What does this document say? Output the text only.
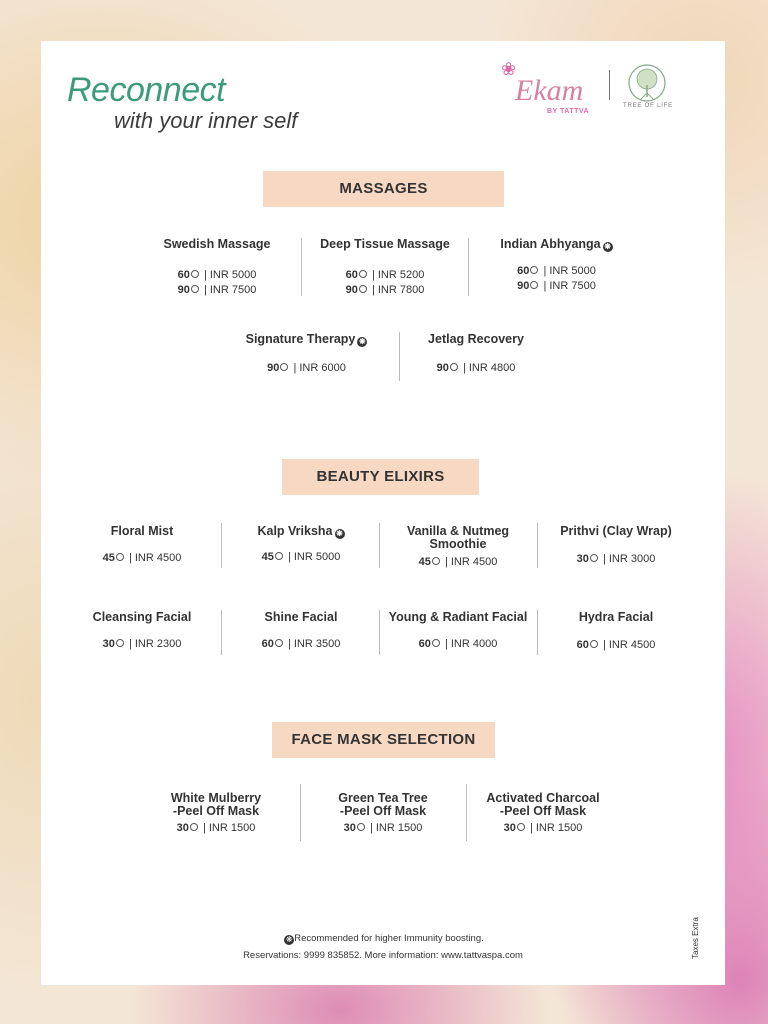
Reconnect
with your inner self
❀
Ekam
BY TATTVA
TREE OF LIFE
MASSAGES
Swedish Massage
60 | INR 5000
90 | INR 7500
Deep Tissue Massage
60 | INR 5200
90 | INR 7800
Indian Abhyanga ❋
60 | INR 5000
90 | INR 7500
Signature Therapy ❋
90 | INR 6000
Jetlag Recovery
90 | INR 4800
BEAUTY ELIXIRS
Floral Mist
45 | INR 4500
Kalp Vriksha ❋
45 | INR 5000
Vanilla & Nutmeg
Smoothie
45 | INR 4500
Prithvi (Clay Wrap)
30 | INR 3000
Cleansing Facial
30 | INR 2300
Shine Facial
60 | INR 3500
Young & Radiant Facial
60 | INR 4000
Hydra Facial
60 | INR 4500
FACE MASK SELECTION
White Mulberry
-Peel Off Mask
30 | INR 1500
Green Tea Tree
-Peel Off Mask
30 | INR 1500
Activated Charcoal
-Peel Off Mask
30 | INR 1500
❋ Recommended for higher Immunity boosting.
Reservations: 9999 835852. More information: www.tattvaspa.com	Taxes Extra
